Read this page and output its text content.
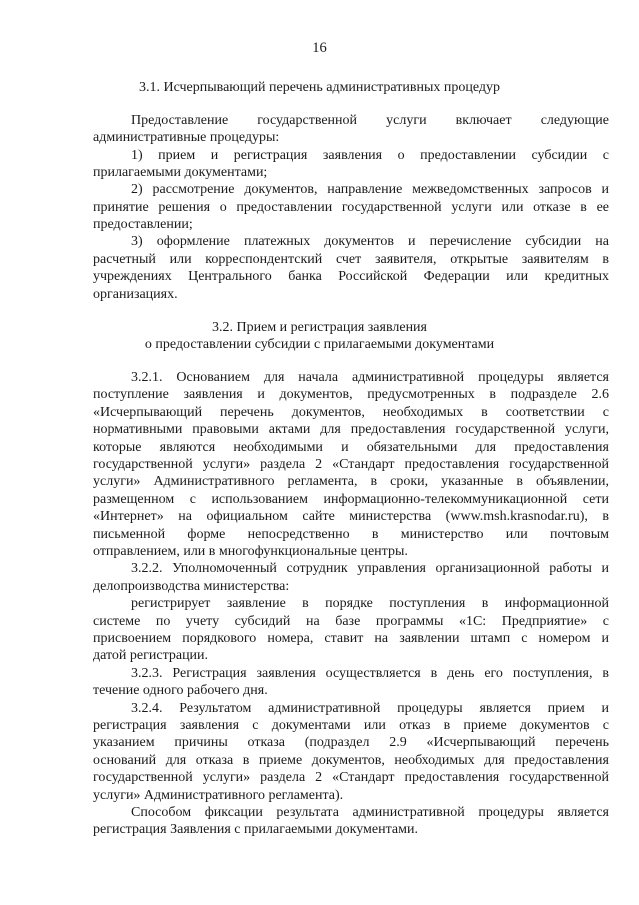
16
3.1. Исчерпывающий перечень административных процедур
Предоставление государственной услуги включает следующие
административные процедуры:
1) прием и регистрация заявления о предоставлении субсидии с
прилагаемыми документами;
2) рассмотрение документов, направление межведомственных запросов и
принятие решения о предоставлении государственной услуги или отказе в ее
предоставлении;
3) оформление платежных документов и перечисление субсидии на
расчетный или корреспондентский счет заявителя, открытые заявителям в
учреждениях Центрального банка Российской Федерации или кредитных
организациях.
3.2. Прием и регистрация заявления
о предоставлении субсидии с прилагаемыми документами
3.2.1. Основанием для начала административной процедуры является
поступление заявления и документов, предусмотренных в подразделе 2.6
«Исчерпывающий перечень документов, необходимых в соответствии с
нормативными правовыми актами для предоставления государственной услуги,
которые являются необходимыми и обязательными для предоставления
государственной услуги» раздела 2 «Стандарт предоставления государственной
услуги» Административного регламента, в сроки, указанные в объявлении,
размещенном с использованием информационно-телекоммуникационной сети
«Интернет» на официальном сайте министерства (www.msh.krasnodar.ru), в
письменной форме непосредственно в министерство или почтовым
отправлением, или в многофункциональные центры.
3.2.2. Уполномоченный сотрудник управления организационной работы и
делопроизводства министерства:
регистрирует заявление в порядке поступления в информационной
системе по учету субсидий на базе программы «1С: Предприятие» с
присвоением порядкового номера, ставит на заявлении штамп с номером и
датой регистрации.
3.2.3. Регистрация заявления осуществляется в день его поступления, в
течение одного рабочего дня.
3.2.4. Результатом административной процедуры является прием и
регистрация заявления с документами или отказ в приеме документов с
указанием причины отказа (подраздел 2.9 «Исчерпывающий перечень
оснований для отказа в приеме документов, необходимых для предоставления
государственной услуги» раздела 2 «Стандарт предоставления государственной
услуги» Административного регламента).
Способом фиксации результата административной процедуры является
регистрация Заявления с прилагаемыми документами.
